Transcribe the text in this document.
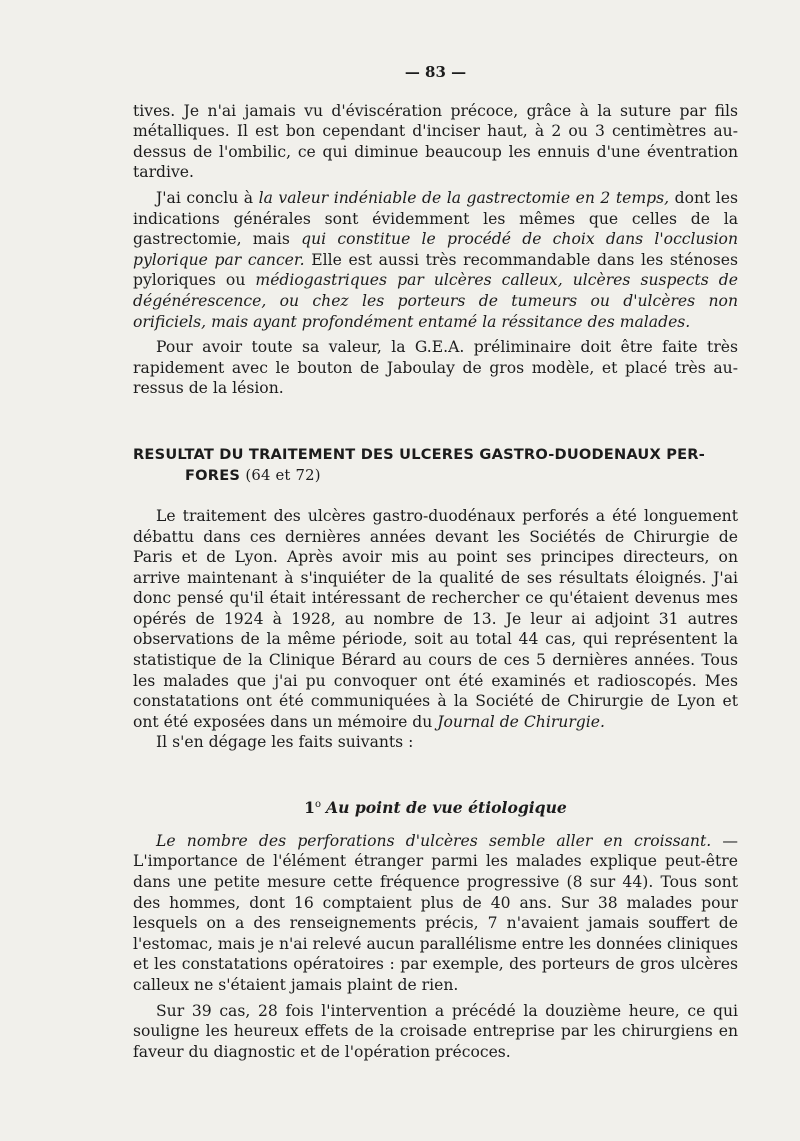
— 83 —

tives. Je n'ai jamais vu d'éviscération précoce, grâce à la suture par fils métalliques. Il est bon cependant d'inciser haut, à 2 ou 3 centimètres au-dessus de l'ombilic, ce qui diminue beaucoup les ennuis d'une éventration tardive.

J'ai conclu à la valeur indéniable de la gastrectomie en 2 temps, dont les indications générales sont évidemment les mêmes que celles de la gastrectomie, mais qui constitue le procédé de choix dans l'occlusion pylorique par cancer. Elle est aussi très recommandable dans les sténoses pyloriques ou médiogastriques par ulcères calleux, ulcères suspects de dégénérescence, ou chez les porteurs de tumeurs ou d'ulcères non orificiels, mais ayant profondément entamé la réssitance des malades.

Pour avoir toute sa valeur, la G.E.A. préliminaire doit être faite très rapidement avec le bouton de Jaboulay de gros modèle, et placé très au-ressus de la lésion.

RESULTAT DU TRAITEMENT DES ULCERES GASTRO-DUODENAUX PER-
FORES (64 et 72)

Le traitement des ulcères gastro-duodénaux perforés a été longuement débattu dans ces dernières années devant les Sociétés de Chirurgie de Paris et de Lyon. Après avoir mis au point ses principes directeurs, on arrive maintenant à s'inquiéter de la qualité de ses résultats éloignés. J'ai donc pensé qu'il était intéressant de rechercher ce qu'étaient devenus mes opérés de 1924 à 1928, au nombre de 13. Je leur ai adjoint 31 autres observations de la même période, soit au total 44 cas, qui représentent la statistique de la Clinique Bérard au cours de ces 5 dernières années. Tous les malades que j'ai pu convoquer ont été examinés et radioscopés. Mes constatations ont été communiquées à la Société de Chirurgie de Lyon et ont été exposées dans un mémoire du Journal de Chirurgie.

Il s'en dégage les faits suivants :

1$^o$ Au point de vue étiologique

Le nombre des perforations d'ulcères semble aller en croissant. — L'importance de l'élément étranger parmi les malades explique peut-être dans une petite mesure cette fréquence progressive (8 sur 44). Tous sont des hommes, dont 16 comptaient plus de 40 ans. Sur 38 malades pour lesquels on a des renseignements précis, 7 n'avaient jamais souffert de l'estomac, mais je n'ai relevé aucun parallélisme entre les données cliniques et les constatations opératoires : par exemple, des porteurs de gros ulcères calleux ne s'étaient jamais plaint de rien.

Sur 39 cas, 28 fois l'intervention a précédé la douzième heure, ce qui souligne les heureux effets de la croisade entreprise par les chirurgiens en faveur du diagnostic et de l'opération précoces.
